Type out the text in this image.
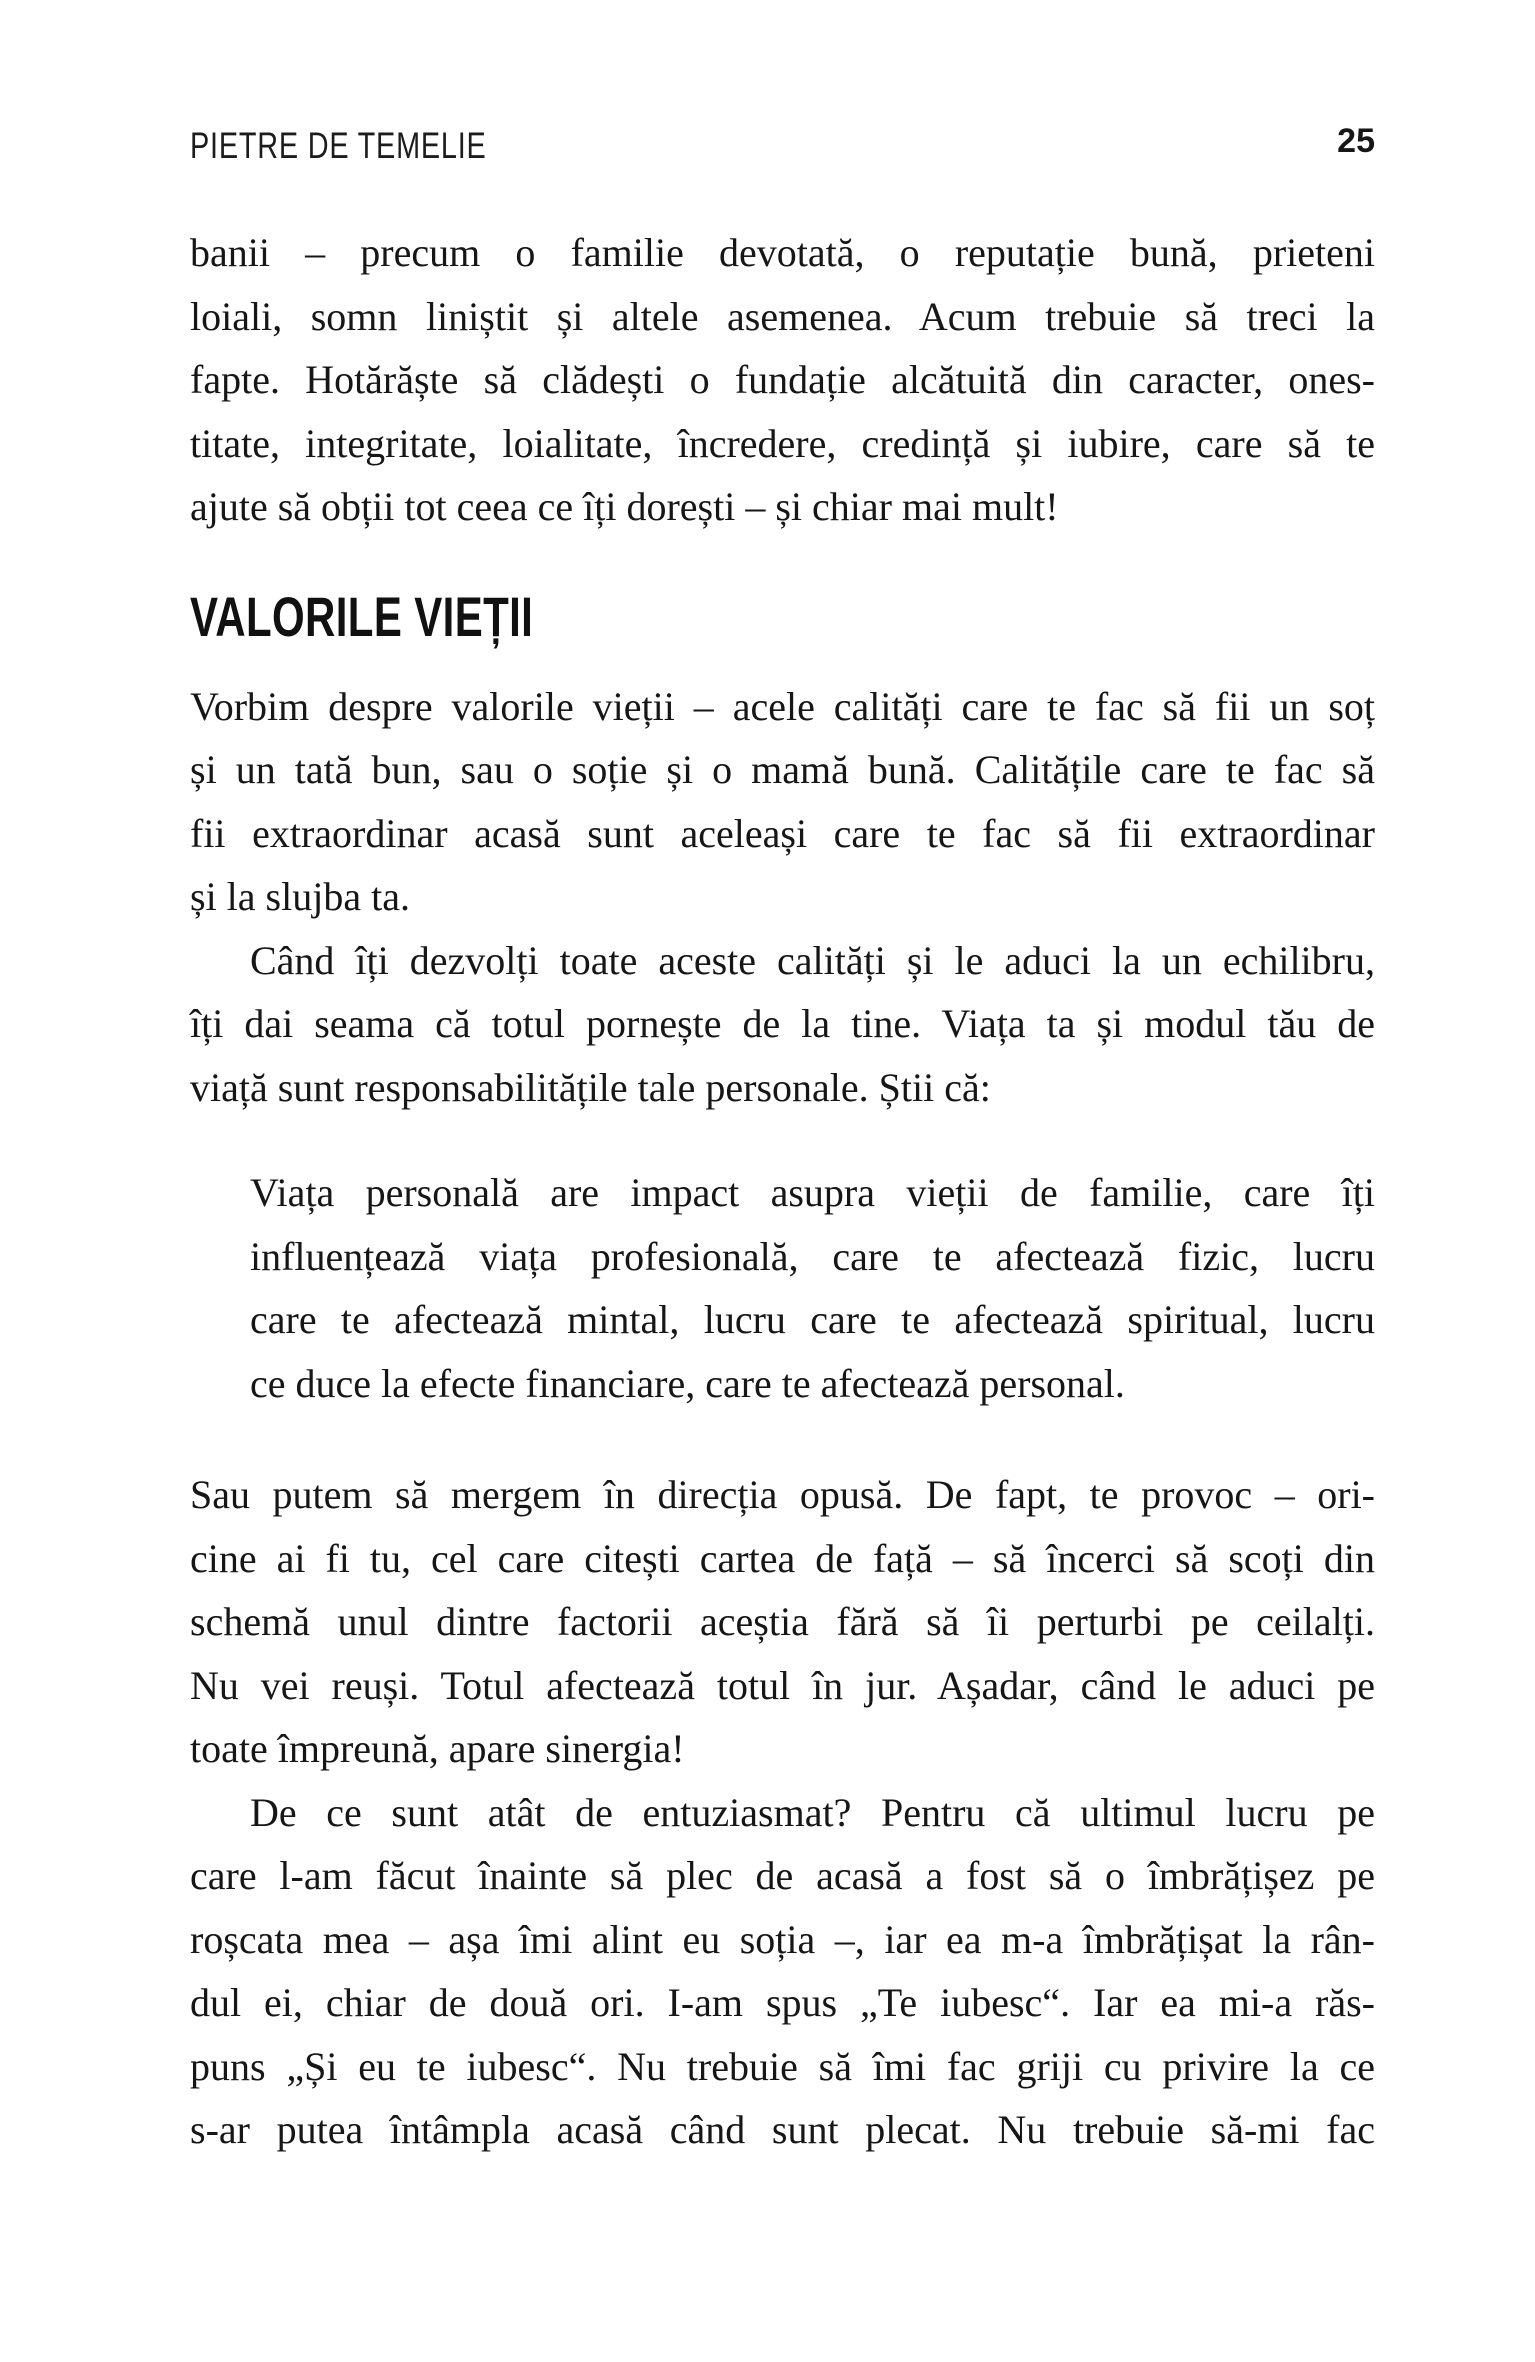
PIETRE DE TEMELIE	25
banii – precum o familie devotată, o reputație bună, prieteni
loiali, somn liniștit și altele asemenea. Acum trebuie să treci la
fapte. Hotărăște să clădești o fundație alcătuită din caracter, ones-
titate, integritate, loialitate, încredere, credință și iubire, care să te
ajute să obții tot ceea ce îți dorești – și chiar mai mult!
VALORILE VIEȚII
Vorbim despre valorile vieții – acele calități care te fac să fii un soț
și un tată bun, sau o soție și o mamă bună. Calitățile care te fac să
fii extraordinar acasă sunt aceleași care te fac să fii extraordinar
și la slujba ta.
Când îți dezvolți toate aceste calități și le aduci la un echilibru,
îți dai seama că totul pornește de la tine. Viața ta și modul tău de
viață sunt responsabilitățile tale personale. Știi că:
Viața personală are impact asupra vieții de familie, care îți
influențează viața profesională, care te afectează fizic, lucru
care te afectează mintal, lucru care te afectează spiritual, lucru
ce duce la efecte financiare, care te afectează personal.
Sau putem să mergem în direcția opusă. De fapt, te provoc – ori-
cine ai fi tu, cel care citești cartea de față – să încerci să scoți din
schemă unul dintre factorii aceștia fără să îi perturbi pe ceilalți.
Nu vei reuși. Totul afectează totul în jur. Așadar, când le aduci pe
toate împreună, apare sinergia!
De ce sunt atât de entuziasmat? Pentru că ultimul lucru pe
care l-am făcut înainte să plec de acasă a fost să o îmbrățișez pe
roșcata mea – așa îmi alint eu soția –, iar ea m-a îmbrățișat la rân-
dul ei, chiar de două ori. I-am spus „Te iubesc“. Iar ea mi-a răs-
puns „Și eu te iubesc“. Nu trebuie să îmi fac griji cu privire la ce
s-ar putea întâmpla acasă când sunt plecat. Nu trebuie să-mi fac
